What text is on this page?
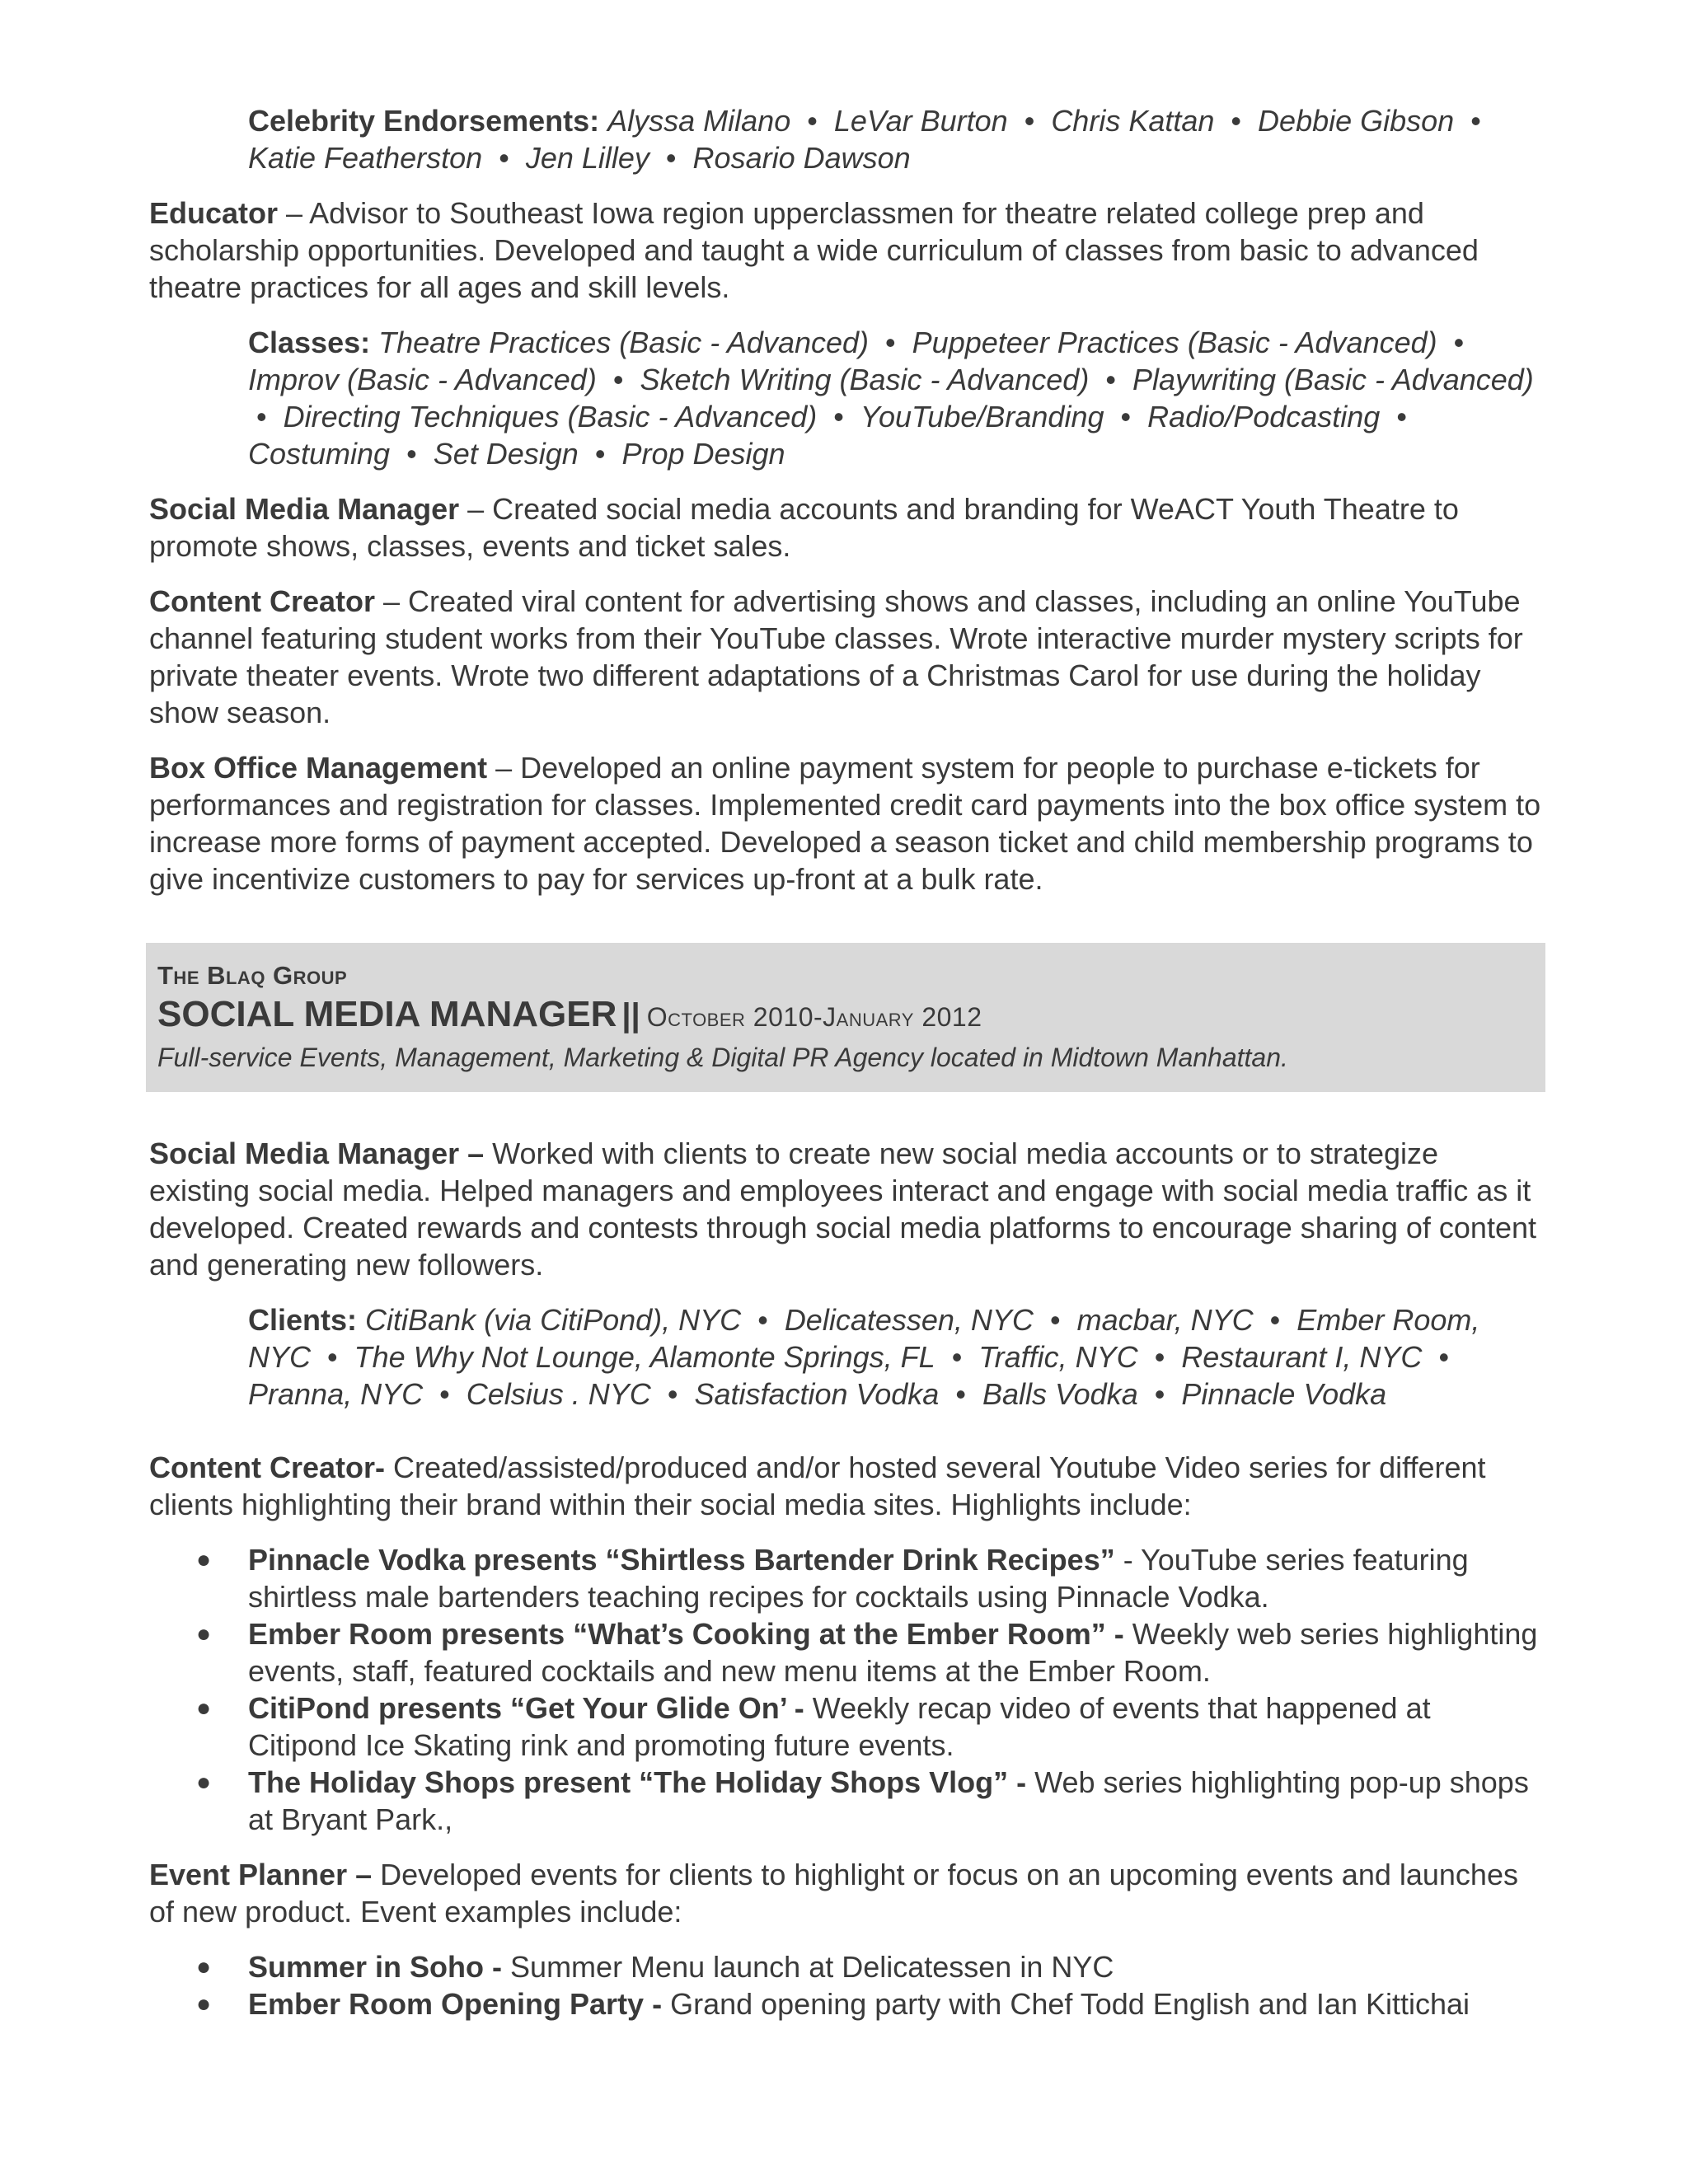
Celebrity Endorsements: Alyssa Milano • LeVar Burton • Chris Kattan • Debbie Gibson • Katie Featherston • Jen Lilley • Rosario Dawson

Educator – Advisor to Southeast Iowa region upperclassmen for theatre related college prep and scholarship opportunities. Developed and taught a wide curriculum of classes from basic to advanced theatre practices for all ages and skill levels.

Classes: Theatre Practices (Basic - Advanced) • Puppeteer Practices (Basic - Advanced) • Improv (Basic - Advanced) • Sketch Writing (Basic - Advanced) • Playwriting (Basic - Advanced) • Directing Techniques (Basic - Advanced) • YouTube/Branding • Radio/Podcasting • Costuming • Set Design • Prop Design

Social Media Manager – Created social media accounts and branding for WeACT Youth Theatre to promote shows, classes, events and ticket sales.

Content Creator – Created viral content for advertising shows and classes, including an online YouTube channel featuring student works from their YouTube classes. Wrote interactive murder mystery scripts for private theater events. Wrote two different adaptations of a Christmas Carol for use during the holiday show season.

Box Office Management – Developed an online payment system for people to purchase e-tickets for performances and registration for classes. Implemented credit card payments into the box office system to increase more forms of payment accepted. Developed a season ticket and child membership programs to give incentivize customers to pay for services up-front at a bulk rate.

The Blaq Group
SOCIAL MEDIA MANAGER || October 2010-January 2012
Full-service Events, Management, Marketing & Digital PR Agency located in Midtown Manhattan.

Social Media Manager – Worked with clients to create new social media accounts or to strategize existing social media. Helped managers and employees interact and engage with social media traffic as it developed. Created rewards and contests through social media platforms to encourage sharing of content and generating new followers.

Clients: CitiBank (via CitiPond), NYC • Delicatessen, NYC • macbar, NYC • Ember Room, NYC • The Why Not Lounge, Alamonte Springs, FL • Traffic, NYC • Restaurant I, NYC • Pranna, NYC • Celsius . NYC • Satisfaction Vodka • Balls Vodka • Pinnacle Vodka

Content Creator- Created/assisted/produced and/or hosted several Youtube Video series for different clients highlighting their brand within their social media sites. Highlights include:

● Pinnacle Vodka presents “Shirtless Bartender Drink Recipes” - YouTube series featuring shirtless male bartenders teaching recipes for cocktails using Pinnacle Vodka.
● Ember Room presents “What’s Cooking at the Ember Room” - Weekly web series highlighting events, staff, featured cocktails and new menu items at the Ember Room.
● CitiPond presents “Get Your Glide On’ - Weekly recap video of events that happened at Citipond Ice Skating rink and promoting future events.
● The Holiday Shops present “The Holiday Shops Vlog” - Web series highlighting pop-up shops at Bryant Park.,

Event Planner – Developed events for clients to highlight or focus on an upcoming events and launches of new product. Event examples include:

● Summer in Soho - Summer Menu launch at Delicatessen in NYC
● Ember Room Opening Party - Grand opening party with Chef Todd English and Ian Kittichai
